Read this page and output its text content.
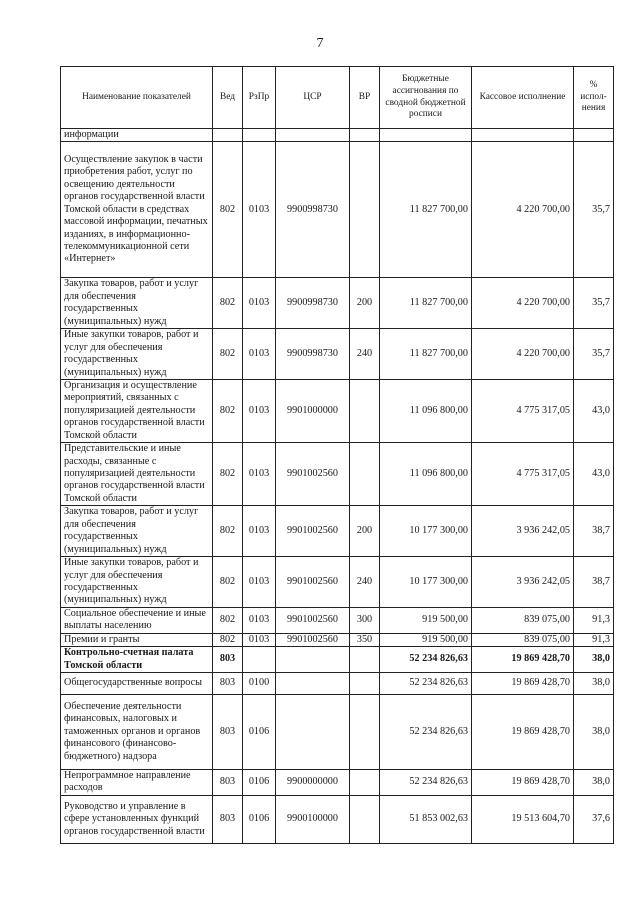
7
Наименование показателей	Вед	РзПр	ЦСР	ВР	Бюджетные ассигнования по сводной бюджетной росписи	Кассовое исполнение	% испол-нения
информации							
Осуществление закупок в части приобретения работ, услуг по освещению деятельности органов государственной власти Томской области в средствах массовой информации, печатных изданиях, в информационно-телекоммуникационной сети «Интернет»	802	0103	9900998730		11 827 700,00	4 220 700,00	35,7
Закупка товаров, работ и услуг для обеспечения государственных (муниципальных) нужд	802	0103	9900998730	200	11 827 700,00	4 220 700,00	35,7
Иные закупки товаров, работ и услуг для обеспечения государственных (муниципальных) нужд	802	0103	9900998730	240	11 827 700,00	4 220 700,00	35,7
Организация и осуществление мероприятий, связанных с популяризацией деятельности органов государственной власти Томской области	802	0103	9901000000		11 096 800,00	4 775 317,05	43,0
Представительские и иные расходы, связанные с популяризацией деятельности органов государственной власти Томской области	802	0103	9901002560		11 096 800,00	4 775 317,05	43,0
Закупка товаров, работ и услуг для обеспечения государственных (муниципальных) нужд	802	0103	9901002560	200	10 177 300,00	3 936 242,05	38,7
Иные закупки товаров, работ и услуг для обеспечения государственных (муниципальных) нужд	802	0103	9901002560	240	10 177 300,00	3 936 242,05	38,7
Социальное обеспечение и иные выплаты населению	802	0103	9901002560	300	919 500,00	839 075,00	91,3
Премии и гранты	802	0103	9901002560	350	919 500,00	839 075,00	91,3
Контрольно-счетная палата Томской области	803				52 234 826,63	19 869 428,70	38,0
Общегосударственные вопросы	803	0100			52 234 826,63	19 869 428,70	38,0
Обеспечение деятельности финансовых, налоговых и таможенных органов и органов финансового (финансово-бюджетного) надзора	803	0106			52 234 826,63	19 869 428,70	38,0
Непрограммное направление расходов	803	0106	9900000000		52 234 826,63	19 869 428,70	38,0
Руководство и управление в сфере установленных функций органов государственной власти	803	0106	9900100000		51 853 002,63	19 513 604,70	37,6
